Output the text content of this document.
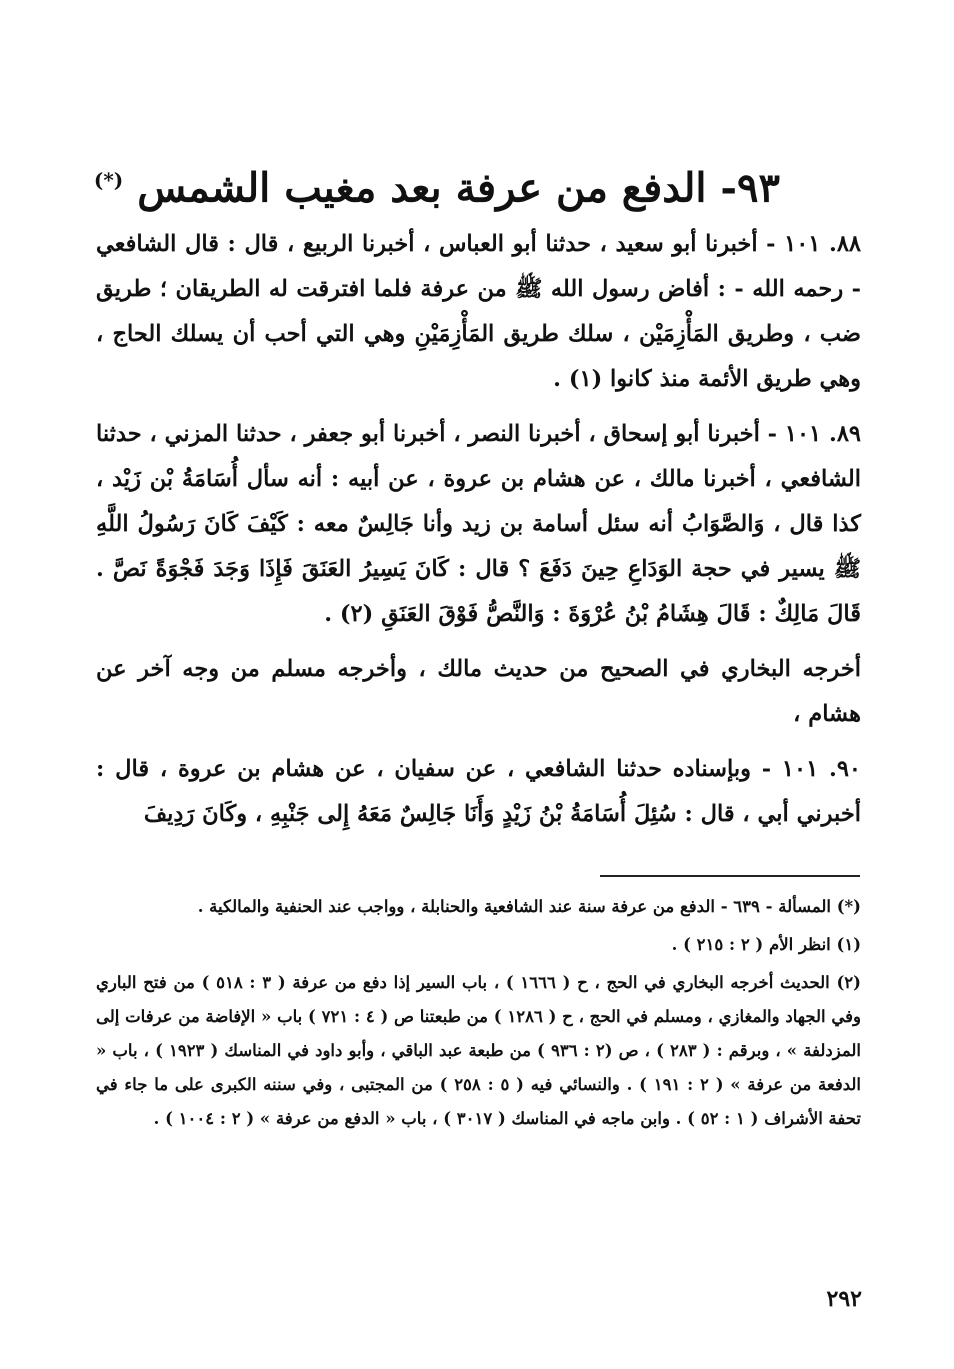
٩٣- الدفع من عرفة بعد مغيب الشمس (*)

٨٨. ١٠١ - أخبرنا أبو سعيد ، حدثنا أبو العباس ، أخبرنا الربيع ، قال : قال الشافعي - رحمه الله - : أفاض رسول الله ﷺ من عرفة فلما افترقت له الطريقان ؛ طريق ضب ، وطريق المَأْزِمَيْن ، سلك طريق المَأْزِمَيْنِ وهي التي أحب أن يسلك الحاج ، وهي طريق الأئمة منذ كانوا (١) .

٨٩. ١٠١ - أخبرنا أبو إسحاق ، أخبرنا النصر ، أخبرنا أبو جعفر ، حدثنا المزني ، حدثنا الشافعي ، أخبرنا مالك ، عن هشام بن عروة ، عن أبيه : أنه سأل أُسَامَةُ بْن زَيْد ، كذا قال ، وَالصَّوَابُ أنه سئل أسامة بن زيد وأنا جَالِسٌ معه : كَيْفَ كَانَ رَسُولُ اللَّهِ ﷺ يسير في حجة الوَدَاعِ حِينَ دَفَعَ ؟ قال : كَانَ يَسِيرُ العَنَقَ فَإِذَا وَجَدَ فَجْوَةً نَصَّ . قَالَ مَالِكٌ : قَالَ هِشَامُ بْنُ عُرْوَةَ : وَالنَّصُّ فَوْقَ العَنَقِ (٢) .

أخرجه البخاري في الصحيح من حديث مالك ، وأخرجه مسلم من وجه آخر عن هشام ،

٩٠. ١٠١ - وبإسناده حدثنا الشافعي ، عن سفيان ، عن هشام بن عروة ، قال : أخبرني أبي ، قال : سُئِلَ أُسَامَةُ بْنُ زَيْدٍ وَأَنَا جَالِسٌ مَعَهُ إِلى جَنْبِهِ ، وكَانَ رَدِيفَ

(*) المسألة - ٦٣٩ - الدفع من عرفة سنة عند الشافعية والحنابلة ، وواجب عند الحنفية والمالكية .

(١) انظر الأم ( ٢ : ٢١٥ ) .

(٢) الحديث أخرجه البخاري في الحج ، ح ( ١٦٦٦ ) ، باب السير إذا دفع من عرفة ( ٣ : ٥١٨ ) من فتح الباري وفي الجهاد والمغازي ، ومسلم في الحج ، ح ( ١٢٨٦ ) من طبعتنا ص ( ٤ : ٧٢١ ) باب « الإفاضة من عرفات إلى المزدلفة » ، وبرقم : ( ٢٨٣ ) ، ص (٢ : ٩٣٦ ) من طبعة عبد الباقي ، وأبو داود في المناسك ( ١٩٢٣ ) ، باب « الدفعة من عرفة » ( ٢ : ١٩١ ) . والنسائي فيه ( ٥ : ٢٥٨ ) من المجتبى ، وفي سننه الكبرى على ما جاء في تحفة الأشراف ( ١ : ٥٢ ) . وابن ماجه في المناسك ( ٣٠١٧ ) ، باب « الدفع من عرفة » ( ٢ : ١٠٠٤ ) .

٢٩٢
